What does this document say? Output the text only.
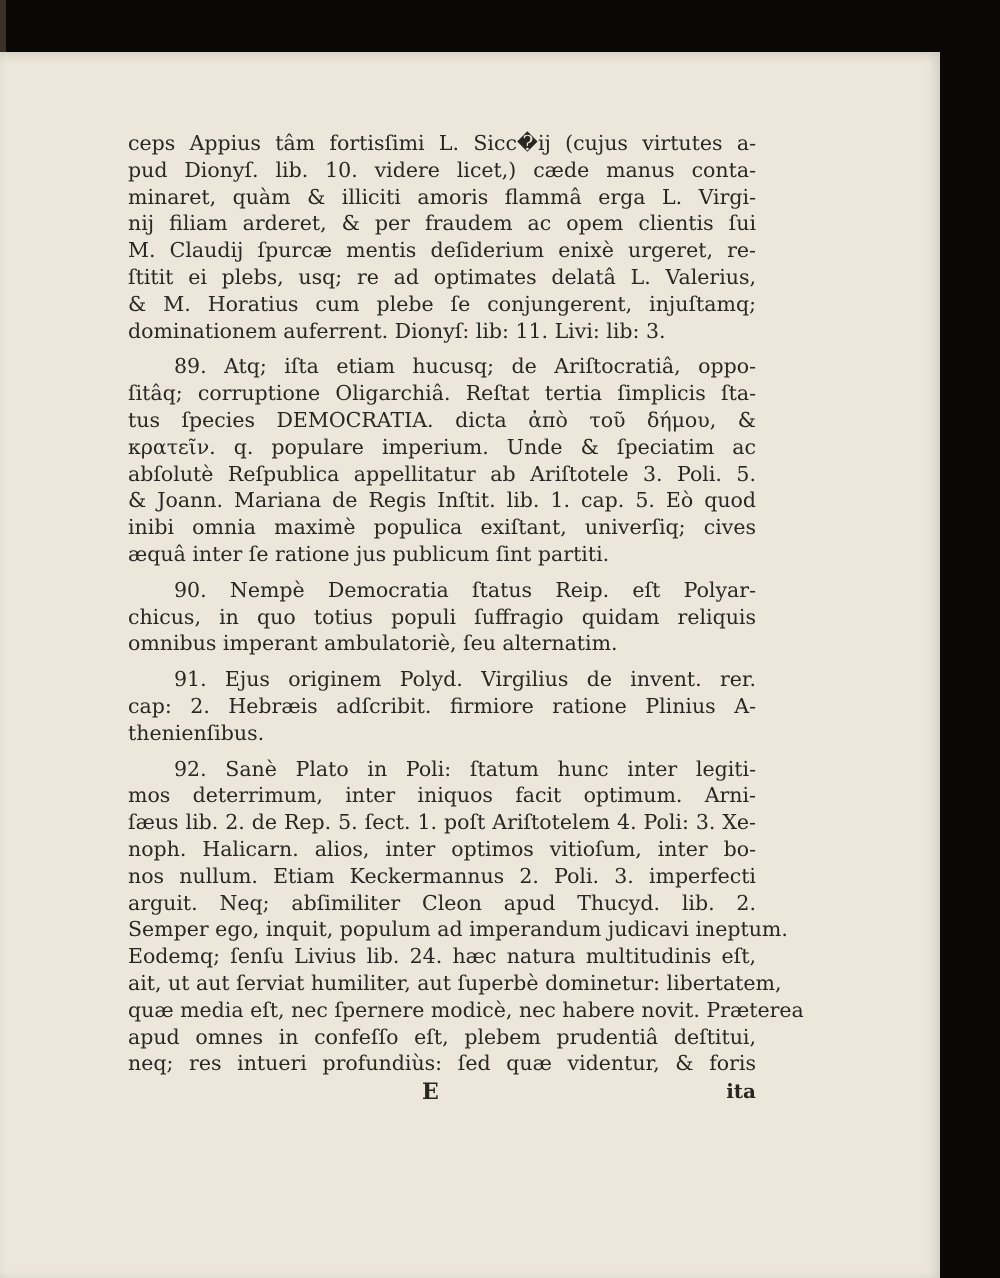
ceps Appius tâm fortisſimi L. Sicc�ij (cujus virtutes a-
pud Dionyſ. lib. 10. videre licet,) cæde manus conta-
minaret, quàm & illiciti amoris flammâ erga L. Virgi-
nij filiam arderet, & per fraudem ac opem clientis ſui
M. Claudij ſpurcæ mentis deſiderium enixè urgeret, re-
ſtitit ei plebs, usq; re ad optimates delatâ L. Valerius,
& M. Horatius cum plebe ſe conjungerent, injuſtamq;
dominationem auferrent. Dionyſ: lib: 11. Livi: lib: 3.
89. Atq; iſta etiam hucusq; de Ariſtocratiâ, oppo-
ſitâq; corruptione Oligarchiâ. Reſtat tertia ſimplicis ſta-
tus ſpecies DEMOCRATIA. dicta ἀπὸ τοῦ δήμου, &
κρατεῖν. q. populare imperium. Unde & ſpeciatim ac
abſolutè Reſpublica appellitatur ab Ariſtotele 3. Poli. 5.
& Joann. Mariana de Regis Inſtit. lib. 1. cap. 5. Eò quod
inibi omnia maximè populica exiſtant, univerſiq; cives
æquâ inter ſe ratione jus publicum ſint partiti.
90. Nempè Democratia ſtatus Reip. eſt Polyar-
chicus, in quo totius populi ſuffragio quidam reliquis
omnibus imperant ambulatoriè, ſeu alternatim.
91. Ejus originem Polyd. Virgilius de invent. rer.
cap: 2. Hebræis adſcribit. firmiore ratione Plinius A-
thenienſibus.
92. Sanè Plato in Poli: ſtatum hunc inter legiti-
mos deterrimum, inter iniquos facit optimum. Arni-
ſæus lib. 2. de Rep. 5. ſect. 1. poſt Ariſtotelem 4. Poli: 3. Xe-
noph. Halicarn. alios, inter optimos vitioſum, inter bo-
nos nullum. Etiam Keckermannus 2. Poli. 3. imperfecti
arguit. Neq; abſimiliter Cleon apud Thucyd. lib. 2.
Semper ego, inquit, populum ad imperandum judicavi ineptum.
Eodemq; ſenſu Livius lib. 24. hæc natura multitudinis eſt,
ait, ut aut ſerviat humiliter, aut ſuperbè dominetur: libertatem,
quæ media eſt, nec ſpernere modicè, nec habere novit. Præterea
apud omnes in confeſſo eſt, plebem prudentiâ deſtitui,
neq; res intueri profundiùs: ſed quæ videntur, & foris
E	ita
